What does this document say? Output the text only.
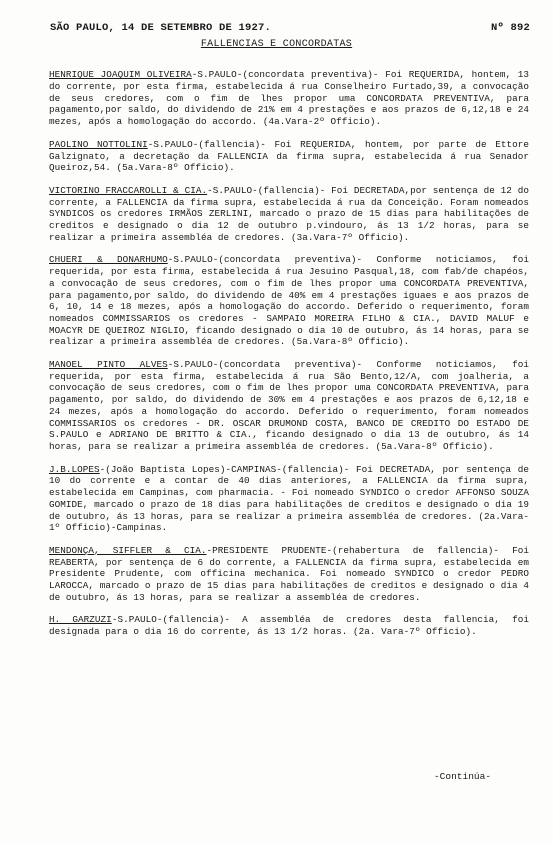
SÃO PAULO, 14 DE SETEMBRO DE 1927.	Nº 892
FALLENCIAS E CONCORDATAS

HENRIQUE JOAQUIM OLIVEIRA-S.PAULO-(concordata preventiva)- Foi REQUERIDA, hontem, 13 do corrente, por esta firma, estabelecida á rua Conselheiro Furtado,39, a convocação de seus credores, com o fim de lhes propor uma CONCORDATA PREVENTIVA, para pagamento,por saldo, do dividendo de 21% em 4 prestações e aos prazos de 6,12,18 e 24 mezes, após a homologação do accordo. (4a.Vara-2º Officio).

PAOLINO NOTTOLINI-S.PAULO-(fallencia)- Foi REQUERIDA, hontem, por parte de Ettore Galzignato, a decretação da FALLENCIA da firma supra, estabelecida á rua Senador Queiroz,54. (5a.Vara-8º Officio).

VICTORINO FRACCAROLLI & CIA.-S.PAULO-(fallencia)- Foi DECRETADA,por sentença de 12 do corrente, a FALLENCIA da firma supra, estabelecida á rua da Conceição. Foram nomeados SYNDICOS os credores IRMÃOS ZERLINI, marcado o prazo de 15 dias para habilitações de creditos e designado o dia 12 de outubro p.vindouro, ás 13 1/2 horas, para se realizar a primeira assembléa de credores. (3a.Vara-7º Officio).

CHUERI & DONARHUMO-S.PAULO-(concordata preventiva)- Conforme noticiamos, foi requerida, por esta firma, estabelecida á rua Jesuino Pasqual,18, com fab/de chapéos, a convocação de seus credores, com o fim de lhes propor uma CONCORDATA PREVENTIVA, para pagamento,por saldo, do dividendo de 40% em 4 prestações iguaes e aos prazos de 6, 10, 14 e 18 mezes, após a homologação do accordo. Deferido o requerimento, foram nomeados COMMISSARIOS os credores - SAMPAIO MOREIRA FILHO & CIA., DAVID MALUF e MOACYR DE QUEIROZ NIGLIO, ficando designado o dia 10 de outubro, ás 14 horas, para se realizar a primeira assembléa de credores. (5a.Vara-8º Officio).

MANOEL PINTO ALVES-S.PAULO-(concordata preventiva)- Conforme noticiamos, foi requerida, por esta firma, estabelecida á rua São Bento,12/A, com joalheria, a convocação de seus credores, com o fim de lhes propor uma CONCORDATA PREVENTIVA, para pagamento, por saldo, do dividendo de 30% em 4 prestações e aos prazos de 6,12,18 e 24 mezes, após a homologação do accordo. Deferido o requerimento, foram nomeados COMMISSARIOS os credores - DR. OSCAR DRUMOND COSTA, BANCO DE CREDITO DO ESTADO DE S.PAULO e ADRIANO DE BRITTO & CIA., ficando designado o dia 13 de outubro, ás 14 horas, para se realizar a primeira assembléa de credores. (5a.Vara-8º Officio).

J.B.LOPES-(João Baptista Lopes)-CAMPINAS-(fallencia)- Foi DECRETADA, por sentença de 10 do corrente e a contar de 40 dias anteriores, a FALLENCIA da firma supra, estabelecida em Campinas, com pharmacia. - Foi nomeado SYNDICO o credor AFFONSO SOUZA GOMIDE, marcado o prazo de 18 dias para habilitações de creditos e designado o dia 19 de outubro, ás 13 horas, para se realizar a primeira assembléa de credores. (2a.Vara-1º Officio)-Campinas.

MENDONÇA, SIFFLER & CIA.-PRESIDENTE PRUDENTE-(rehabertura de fallencia)- Foi REABERTA, por sentença de 6 do corrente, a FALLENCIA da firma supra, estabelecida em Presidente Prudente, com officina mechanica. Foi nomeado SYNDICO o credor PEDRO LAROCCA, marcado o prazo de 15 dias para habilitações de creditos e designado o dia 4 de outubro, ás 13 horas, para se realizar a assembléa de credores.

H. GARZUZI-S.PAULO-(fallencia)- A assembléa de credores desta fallencia, foi designada para o dia 16 do corrente, ás 13 1/2 horas. (2a. Vara-7º Officio).

-Continúa-
